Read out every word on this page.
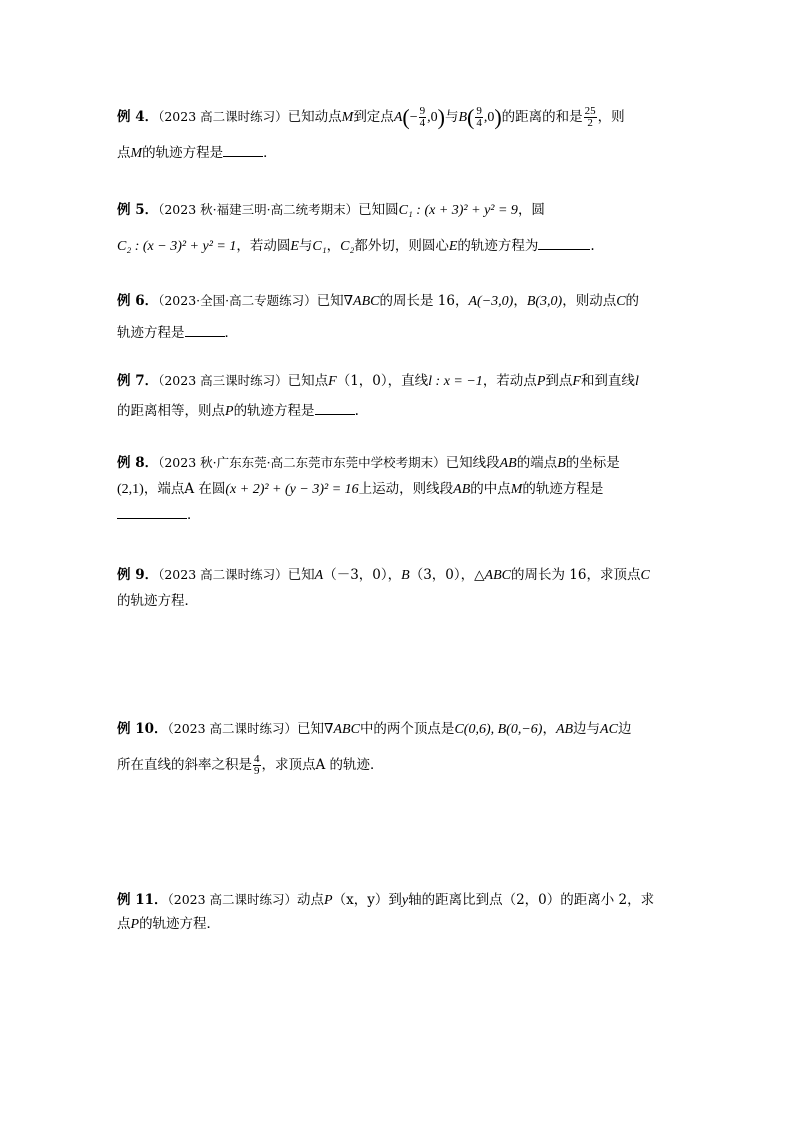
例 4．（2023 高二课时练习）已知动点M到定点$A(- \frac{9}{4} ,0)$与$B( \frac{9}{4} ,0)$的距离的和是 $\frac{25}{2}$ ，则
点M的轨迹方程是	．
例 5．（2023 秋·福建三明·高二统考期末）已知圆C₁ : (x + 3)² + y² = 9，圆
C₂ : (x − 3)² + y² = 1，若动圆E与C₁，C₂都外切，则圆心E的轨迹方程为	.
例 6．（2023·全国·高二专题练习）已知∇ABC的周长是 16，A(−3,0)，B(3,0)，则动点C的
轨迹方程是	．
例 7．（2023 高三课时练习）已知点F（1，0），直线l : x = −1，若动点P到点F和到直线l
的距离相等，则点P的轨迹方程是	.
例 8．（2023 秋·广东东莞·高二东莞市东莞中学校考期末）已知线段AB的端点B的坐标是
(2,1)，端点A 在圆(x + 2)² + (y − 3)² = 16上运动，则线段AB的中点M的轨迹方程是
．
例 9．（2023 高二课时练习）已知A（－3，0），B（3，0），△ABC的周长为 16，求顶点C
的轨迹方程．
例 10．（2023 高二课时练习）已知∇ABC中的两个顶点是C(0,6), B(0,−6)，AB边与AC边
所在直线的斜率之积是 $\frac{4}{9}$ ，求顶点A 的轨迹．
例 11．（2023 高二课时练习）动点P（x，y）到y轴的距离比到点（2，0）的距离小 2，求
点P的轨迹方程．
